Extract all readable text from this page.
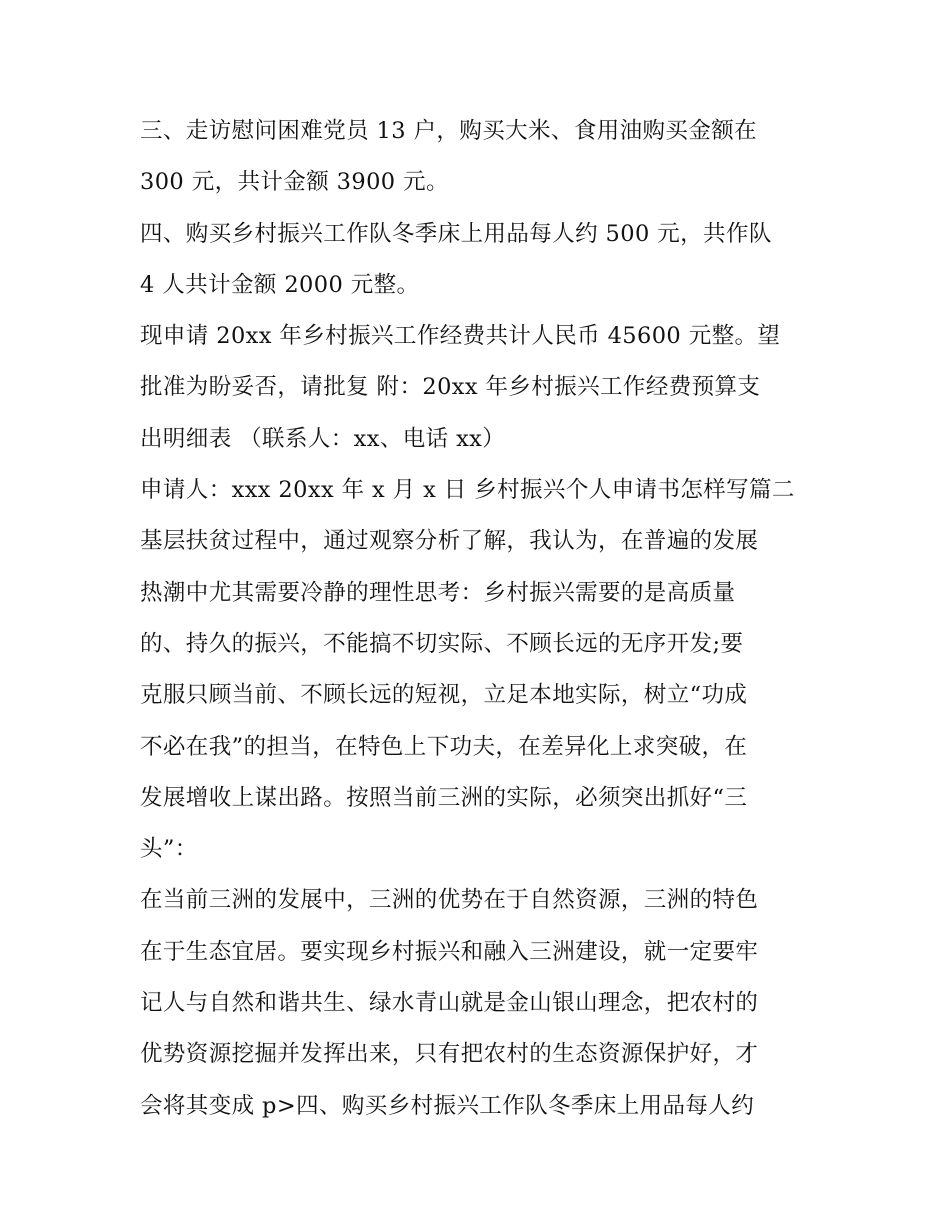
三、走访慰问困难党员 13 户，购买大米、食用油购买金额在
300 元，共计金额 3900 元。
四、购买乡村振兴工作队冬季床上用品每人约 500 元，共作队
4 人共计金额 2000 元整。
现申请 20xx 年乡村振兴工作经费共计人民币 45600 元整。望
批准为盼妥否，请批复 附：20xx 年乡村振兴工作经费预算支
出明细表 （联系人：xx、电话 xx）
申请人：xxx 20xx 年 x 月 x 日 乡村振兴个人申请书怎样写篇二
基层扶贫过程中，通过观察分析了解，我认为，在普遍的发展
热潮中尤其需要冷静的理性思考：乡村振兴需要的是高质量
的、持久的振兴，不能搞不切实际、不顾长远的无序开发;要
克服只顾当前、不顾长远的短视，立足本地实际，树立“功成
不必在我”的担当，在特色上下功夫，在差异化上求突破，在
发展增收上谋出路。按照当前三洲的实际，必须突出抓好“三
头”：
在当前三洲的发展中，三洲的优势在于自然资源，三洲的特色
在于生态宜居。要实现乡村振兴和融入三洲建设，就一定要牢
记人与自然和谐共生、绿水青山就是金山银山理念，把农村的
优势资源挖掘并发挥出来，只有把农村的生态资源保护好，才
会将其变成 p>四、购买乡村振兴工作队冬季床上用品每人约
